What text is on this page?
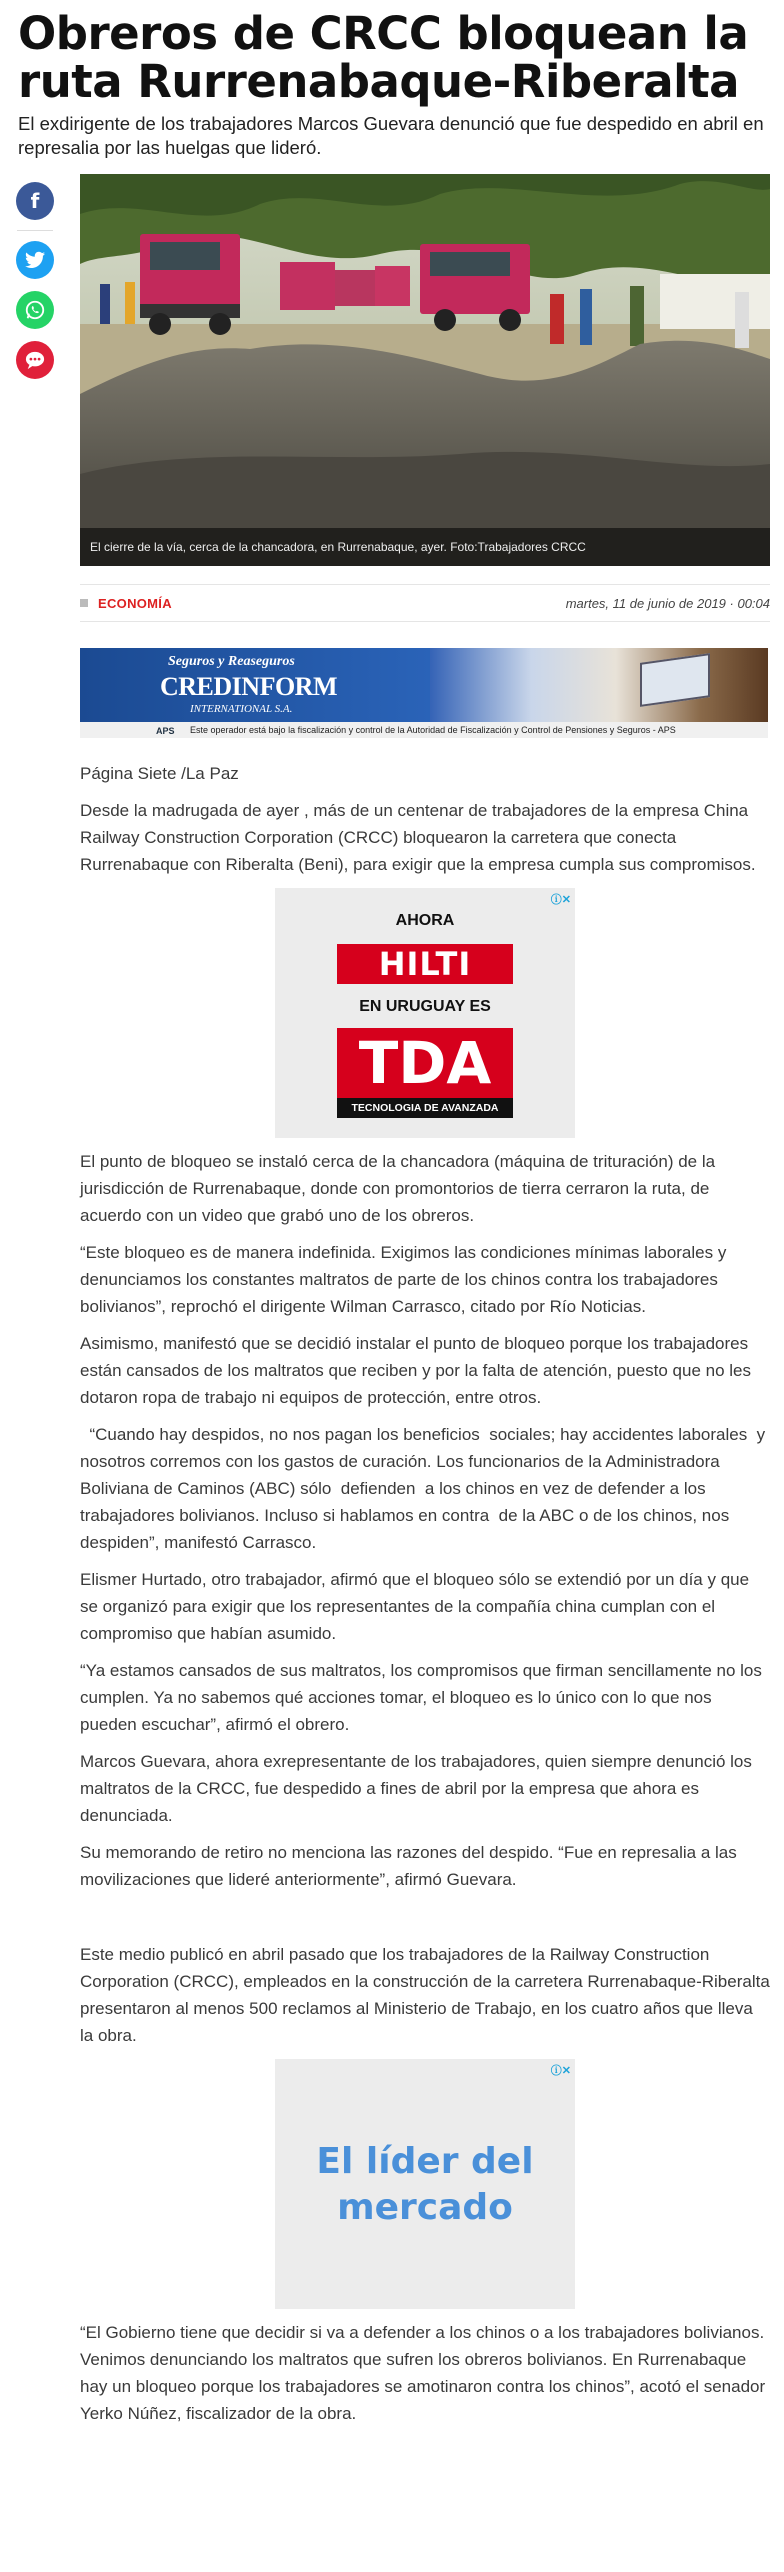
Obreros de CRCC bloquean la ruta Rurrenabaque-Riberalta
El exdirigente de los trabajadores Marcos Guevara denunció que fue despedido en abril en represalia por las huelgas que lideró.
f
El cierre de la vía, cerca de la chancadora, en Rurrenabaque, ayer. Foto:Trabajadores CRCC
ECONOMÍA	martes, 11 de junio de 2019 · 00:04
Seguros y Reaseguros
CREDINFORM
INTERNATIONAL S.A.
Este operador está bajo la fiscalización y control de la Autoridad de Fiscalización y Control de Pensiones y Seguros - APS
APS

Página Siete /La Paz

Desde la madrugada de ayer , más de un centenar de trabajadores de la empresa China Railway Construction Corporation (CRCC) bloquearon la carretera que conecta Rurrenabaque con Riberalta (Beni), para exigir que la empresa cumpla sus compromisos.

ⓘ✕
AHORA
HILTI
EN URUGUAY ES
TDA
TECNOLOGIA DE AVANZADA

El punto de bloqueo se instaló cerca de la chancadora (máquina de trituración) de la jurisdicción de Rurrenabaque, donde con promontorios de tierra cerraron la ruta, de acuerdo con un video que grabó uno de los obreros.

“Este bloqueo es de manera indefinida. Exigimos las condiciones mínimas laborales y denunciamos los constantes maltratos de parte de los chinos contra los trabajadores bolivianos”, reprochó el dirigente Wilman Carrasco, citado por Río Noticias.

Asimismo, manifestó que se decidió instalar el punto de bloqueo porque los trabajadores están cansados de los maltratos que reciben y por la falta de atención, puesto que no les dotaron ropa de trabajo ni equipos de protección, entre otros.

“Cuando hay despidos, no nos pagan los beneficios  sociales; hay accidentes laborales  y nosotros corremos con los gastos de curación. Los funcionarios de la Administradora Boliviana de Caminos (ABC) sólo  defienden  a los chinos en vez de defender a los trabajadores bolivianos. Incluso si hablamos en contra  de la ABC o de los chinos, nos despiden”, manifestó Carrasco.

Elismer Hurtado, otro trabajador, afirmó que el bloqueo sólo se extendió por un día y que se organizó para exigir que los representantes de la compañía china cumplan con el compromiso que habían asumido.

“Ya estamos cansados de sus maltratos, los compromisos que firman sencillamente no los cumplen. Ya no sabemos qué acciones tomar, el bloqueo es lo único con lo que nos pueden escuchar”, afirmó el obrero.

Marcos Guevara, ahora exrepresentante de los trabajadores, quien siempre denunció los maltratos de la CRCC, fue despedido a fines de abril por la empresa que ahora es denunciada.

Su memorando de retiro no menciona las razones del despido. “Fue en represalia a las movilizaciones que lideré anteriormente”, afirmó Guevara.

Este medio publicó en abril pasado que los trabajadores de la Railway Construction Corporation (CRCC), empleados en la construcción de la carretera Rurrenabaque-Riberalta presentaron al menos 500 reclamos al Ministerio de Trabajo, en los cuatro años que lleva la obra.

ⓘ✕
El líder del
mercado

“El Gobierno tiene que decidir si va a defender a los chinos o a los trabajadores bolivianos. Venimos denunciando los maltratos que sufren los obreros bolivianos. En Rurrenabaque hay un bloqueo porque los trabajadores se amotinaron contra los chinos”, acotó el senador Yerko Núñez, fiscalizador de la obra.
